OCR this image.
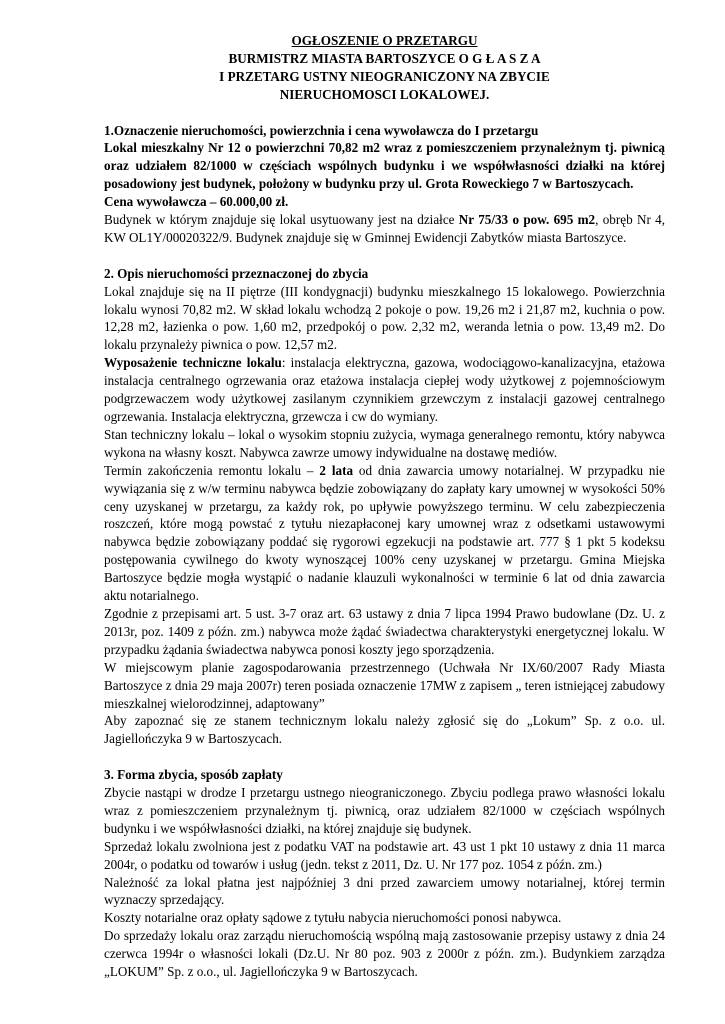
OGŁOSZENIE O PRZETARGU
BURMISTRZ MIASTA BARTOSZYCE O G Ł A S Z A
I PRZETARG USTNY NIEOGRANICZONY NA ZBYCIE
NIERUCHOMOSCI LOKALOWEJ.

1.Oznaczenie nieruchomości, powierzchnia i cena wywoławcza do I przetargu

Lokal mieszkalny Nr 12 o powierzchni 70,82 m2 wraz z pomieszczeniem przynależnym tj. piwnicą oraz udziałem 82/1000 w częściach wspólnych budynku i we współwłasności działki na której posadowiony jest budynek, położony w budynku przy ul. Grota Roweckiego 7 w Bartoszycach.

Cena wywoławcza – 60.000,00 zł.

Budynek w którym znajduje się lokal usytuowany jest na działce Nr 75/33 o pow. 695 m2, obręb Nr 4, KW OL1Y/00020322/9. Budynek znajduje się w Gminnej Ewidencji Zabytków miasta Bartoszyce.

2. Opis nieruchomości przeznaczonej do zbycia

Lokal znajduje się na II piętrze (III kondygnacji) budynku mieszkalnego 15 lokalowego. Powierzchnia lokalu wynosi 70,82 m2. W skład lokalu wchodzą 2 pokoje o pow. 19,26 m2 i 21,87 m2, kuchnia o pow. 12,28 m2, łazienka o pow. 1,60 m2, przedpokój o pow. 2,32 m2, weranda letnia o pow. 13,49 m2. Do lokalu przynależy piwnica o pow. 12,57 m2.

Wyposażenie techniczne lokalu: instalacja elektryczna, gazowa, wodociągowo-kanalizacyjna, etażowa instalacja centralnego ogrzewania oraz etażowa instalacja ciepłej wody użytkowej z pojemnościowym podgrzewaczem wody użytkowej zasilanym czynnikiem grzewczym z instalacji gazowej centralnego ogrzewania. Instalacja elektryczna, grzewcza i cw do wymiany.

Stan techniczny lokalu – lokal o wysokim stopniu zużycia, wymaga generalnego remontu, który nabywca wykona na własny koszt. Nabywca zawrze umowy indywidualne na dostawę mediów.

Termin zakończenia remontu lokalu – 2 lata od dnia zawarcia umowy notarialnej. W przypadku nie wywiązania się z w/w terminu nabywca będzie zobowiązany do zapłaty kary umownej w wysokości 50% ceny uzyskanej w przetargu, za każdy rok, po upływie powyższego terminu. W celu zabezpieczenia roszczeń, które mogą powstać z tytułu niezapłaconej kary umownej wraz z odsetkami ustawowymi nabywca będzie zobowiązany poddać się rygorowi egzekucji na podstawie art. 777 § 1 pkt 5 kodeksu postępowania cywilnego do kwoty wynoszącej 100% ceny uzyskanej w przetargu. Gmina Miejska Bartoszyce będzie mogła wystąpić o nadanie klauzuli wykonalności w terminie 6 lat od dnia zawarcia aktu notarialnego.

Zgodnie z przepisami art. 5 ust. 3-7 oraz art. 63 ustawy z dnia 7 lipca 1994 Prawo budowlane (Dz. U. z 2013r, poz. 1409 z późn. zm.) nabywca może żądać świadectwa charakterystyki energetycznej lokalu. W przypadku żądania świadectwa nabywca ponosi koszty jego sporządzenia.

W miejscowym planie zagospodarowania przestrzennego (Uchwała Nr IX/60/2007 Rady Miasta Bartoszyce z dnia 29 maja 2007r) teren posiada oznaczenie 17MW z zapisem „ teren istniejącej zabudowy mieszkalnej wielorodzinnej, adaptowany”

Aby zapoznać się ze stanem technicznym lokalu należy zgłosić się do „Lokum” Sp. z o.o. ul. Jagiellończyka 9 w Bartoszycach.

3. Forma zbycia, sposób zapłaty

Zbycie nastąpi w drodze I przetargu ustnego nieograniczonego. Zbyciu podlega prawo własności lokalu wraz z pomieszczeniem przynależnym tj. piwnicą, oraz udziałem 82/1000 w częściach wspólnych budynku i we współwłasności działki, na której znajduje się budynek.

Sprzedaż lokalu zwolniona jest z podatku VAT na podstawie art. 43 ust 1 pkt 10 ustawy z dnia 11 marca 2004r, o podatku od towarów i usług (jedn. tekst z 2011, Dz. U. Nr 177 poz. 1054 z późn. zm.)

Należność za lokal płatna jest najpóźniej 3 dni przed zawarciem umowy notarialnej, której termin wyznaczy sprzedający.

Koszty notarialne oraz opłaty sądowe z tytułu nabycia nieruchomości ponosi nabywca.

Do sprzedaży lokalu oraz zarządu nieruchomością wspólną mają zastosowanie przepisy ustawy z dnia 24 czerwca 1994r o własności lokali (Dz.U. Nr 80 poz. 903 z 2000r z późn. zm.). Budynkiem zarządza „LOKUM” Sp. z o.o., ul. Jagiellończyka 9 w Bartoszycach.
